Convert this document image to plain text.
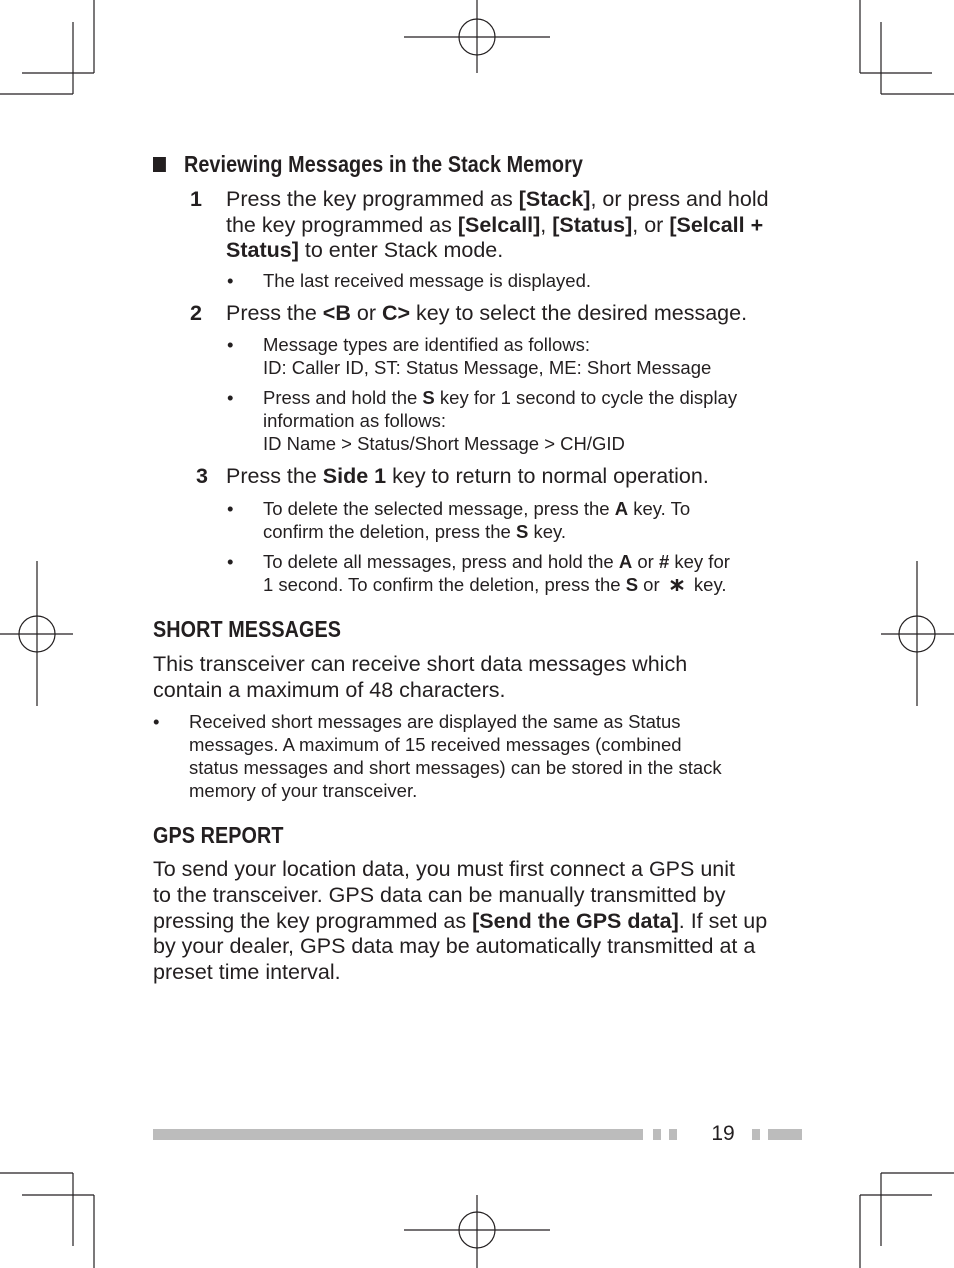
Reviewing Messages in the Stack Memory
1 Press the key programmed as [Stack], or press and hold
the key programmed as [Selcall], [Status], or [Selcall +
Status] to enter Stack mode.
• The last received message is displayed.
2 Press the <B or C> key to select the desired message.
• Message types are identified as follows:
ID: Caller ID, ST: Status Message, ME: Short Message
• Press and hold the S key for 1 second to cycle the display
information as follows:
ID Name > Status/Short Message > CH/GID
3 Press the Side 1 key to return to normal operation.
• To delete the selected message, press the A key. To
confirm the deletion, press the S key.
• To delete all messages, press and hold the A or # key for
1 second. To confirm the deletion, press the S or  key.
SHORT MESSAGES
This transceiver can receive short data messages which
contain a maximum of 48 characters.
• Received short messages are displayed the same as Status
messages. A maximum of 15 received messages (combined
status messages and short messages) can be stored in the stack
memory of your transceiver.
GPS REPORT
To send your location data, you must first connect a GPS unit
to the transceiver. GPS data can be manually transmitted by
pressing the key programmed as [Send the GPS data]. If set up
by your dealer, GPS data may be automatically transmitted at a
preset time interval.
19
